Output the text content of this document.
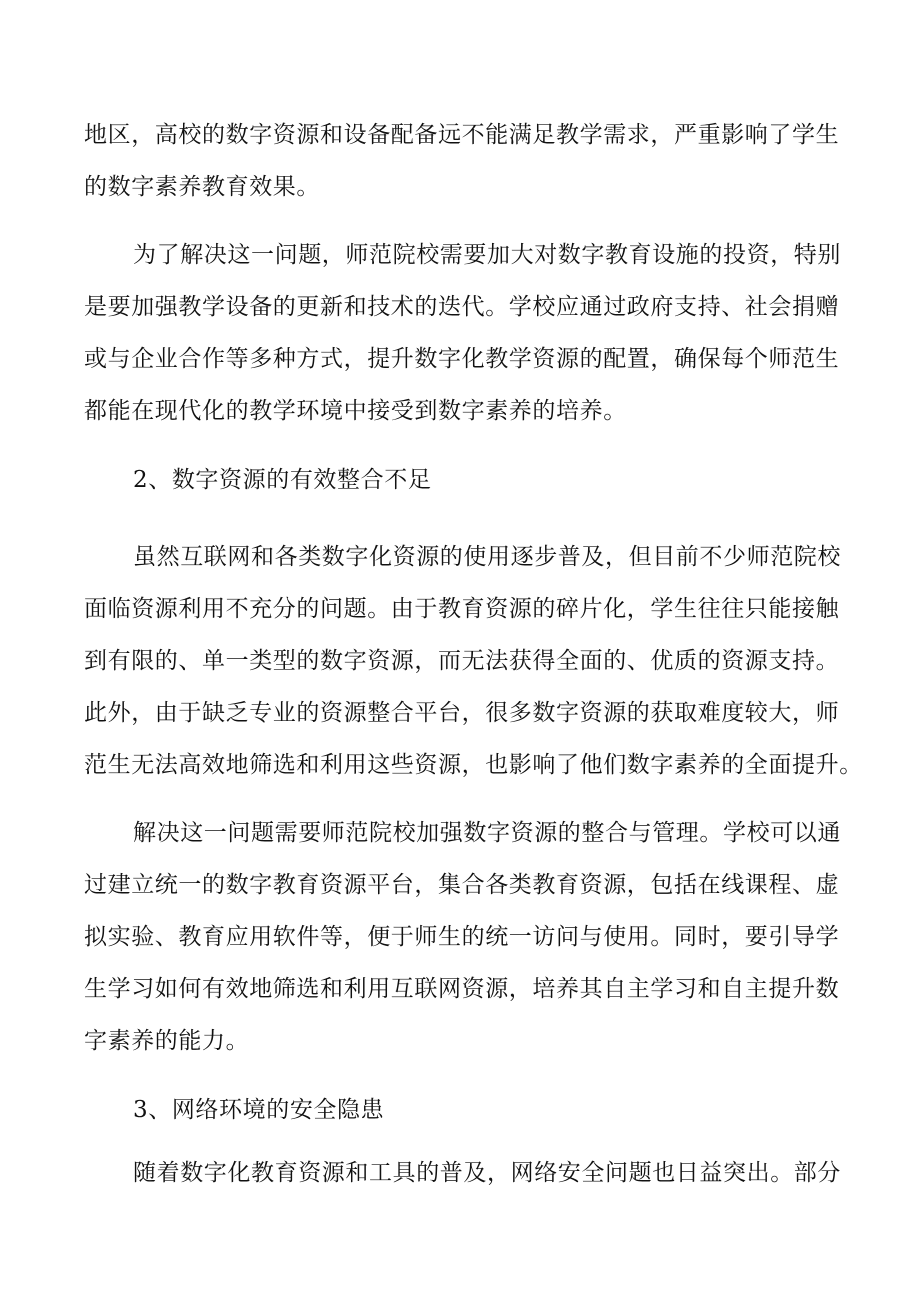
地区，高校的数字资源和设备配备远不能满足教学需求，严重影响了学生
的数字素养教育效果。
为了解决这一问题，师范院校需要加大对数字教育设施的投资，特别
是要加强教学设备的更新和技术的迭代。学校应通过政府支持、社会捐赠
或与企业合作等多种方式，提升数字化教学资源的配置，确保每个师范生
都能在现代化的教学环境中接受到数字素养的培养。
2、数字资源的有效整合不足
虽然互联网和各类数字化资源的使用逐步普及，但目前不少师范院校
面临资源利用不充分的问题。由于教育资源的碎片化，学生往往只能接触
到有限的、单一类型的数字资源，而无法获得全面的、优质的资源支持。
此外，由于缺乏专业的资源整合平台，很多数字资源的获取难度较大，师
范生无法高效地筛选和利用这些资源，也影响了他们数字素养的全面提升。
解决这一问题需要师范院校加强数字资源的整合与管理。学校可以通
过建立统一的数字教育资源平台，集合各类教育资源，包括在线课程、虚
拟实验、教育应用软件等，便于师生的统一访问与使用。同时，要引导学
生学习如何有效地筛选和利用互联网资源，培养其自主学习和自主提升数
字素养的能力。
3、网络环境的安全隐患
随着数字化教育资源和工具的普及，网络安全问题也日益突出。部分
